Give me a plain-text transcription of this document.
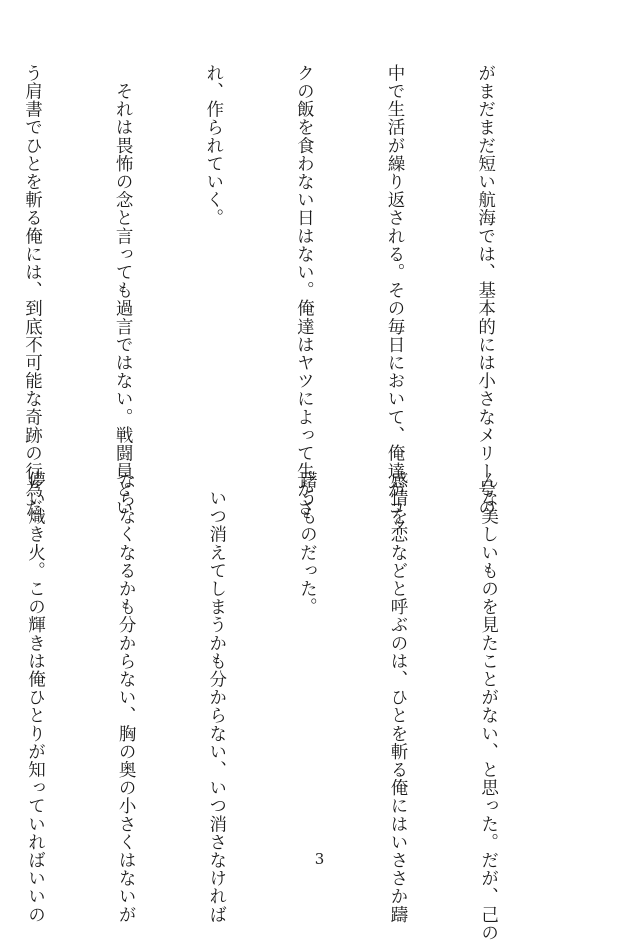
がまだまだ短い航海では、基本的には小さなメリー号の

中で生活が繰り返される。その毎日において、俺達がコッ

クの飯を食わない日はない。俺達はヤツによって生かさ

れ、作られていく。

　それは畏怖の念と言っても過言ではない。戦闘員とい

う肩書でひとを斬る俺には、到底不可能な奇跡の行為だ

んな美しいものを見たことがない、と思った。だが、己の

感情を恋などと呼ぶのは、ひとを斬る俺にはいささか躊

躇うものだった。

　いつ消えてしまうかも分からない、いつ消さなければ

ならなくなるかも分からない、胸の奥の小さくはないが

儚い熾き火。この輝きは俺ひとりが知っていればいいの

	3
